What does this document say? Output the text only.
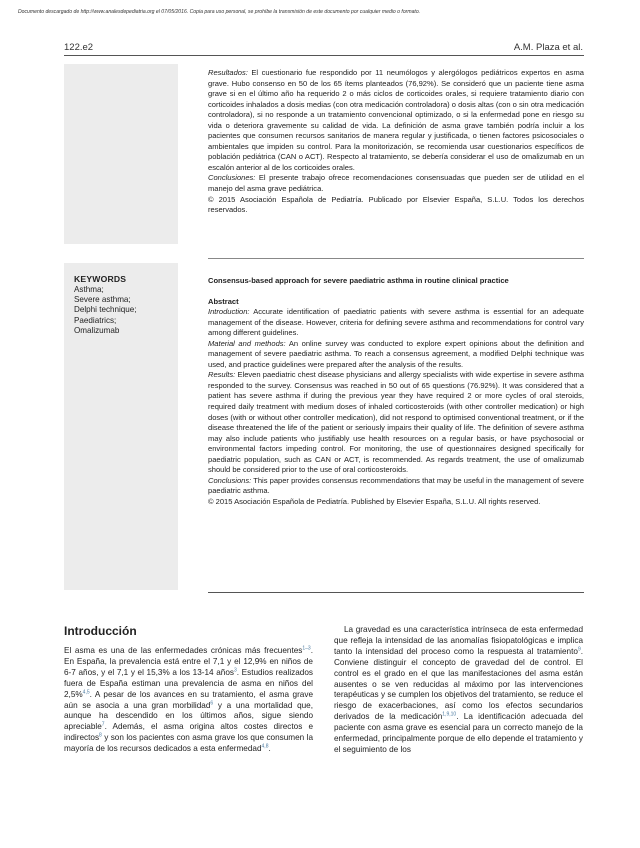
Documento descargado de http://www.analesdepediatria.org el 07/05/2016. Copia para uso personal, se prohíbe la transmisión de este documento por cualquier medio o formato.
122.e2	A.M. Plaza et al.

Resultados: El cuestionario fue respondido por 11 neumólogos y alergólogos pediátricos expertos en asma grave. Hubo consenso en 50 de los 65 ítems planteados (76,92%). Se consideró que un paciente tiene asma grave si en el último año ha requerido 2 o más ciclos de corticoides orales, si requiere tratamiento diario con corticoides inhalados a dosis medias (con otra medicación controladora) o dosis altas (con o sin otra medicación controladora), si no responde a un tratamiento convencional optimizado, o si la enfermedad pone en riesgo su vida o deteriora gravemente su calidad de vida. La definición de asma grave también podría incluir a los pacientes que consumen recursos sanitarios de manera regular y justificada, o tienen factores psicosociales o ambientales que impiden su control. Para la monitorización, se recomienda usar cuestionarios específicos de población pediátrica (CAN o ACT). Respecto al tratamiento, se debería considerar el uso de omalizumab en un escalón anterior al de los corticoides orales.

Conclusiones: El presente trabajo ofrece recomendaciones consensuadas que pueden ser de utilidad en el manejo del asma grave pediátrica.

© 2015 Asociación Española de Pediatría. Publicado por Elsevier España, S.L.U. Todos los derechos reservados.

KEYWORDS
Asthma;
Severe asthma;
Delphi technique;
Paediatrics;
Omalizumab
Consensus-based approach for severe paediatric asthma in routine clinical practice
Abstract

Introduction: Accurate identification of paediatric patients with severe asthma is essential for an adequate management of the disease. However, criteria for defining severe asthma and recommendations for control vary among different guidelines.

Material and methods: An online survey was conducted to explore expert opinions about the definition and management of severe paediatric asthma. To reach a consensus agreement, a modified Delphi technique was used, and practice guidelines were prepared after the analysis of the results.

Results: Eleven paediatric chest disease physicians and allergy specialists with wide expertise in severe asthma responded to the survey. Consensus was reached in 50 out of 65 questions (76.92%). It was considered that a patient has severe asthma if during the previous year they have required 2 or more cycles of oral steroids, required daily treatment with medium doses of inhaled corticosteroids (with other controller medication) or high doses (with or without other controller medication), did not respond to optimised conventional treatment, or if the disease threatened the life of the patient or seriously impairs their quality of life. The definition of severe asthma may also include patients who justifiably use health resources on a regular basis, or have psychosocial or environmental factors impeding control. For monitoring, the use of questionnaires designed specifically for paediatric population, such as CAN or ACT, is recommended. As regards treatment, the use of omalizumab should be considered prior to the use of oral corticosteroids.

Conclusions: This paper provides consensus recommendations that may be useful in the management of severe paediatric asthma.

© 2015 Asociación Española de Pediatría. Published by Elsevier España, S.L.U. All rights reserved.

Introducción
El asma es una de las enfermedades crónicas más frecuentes$^{1-3}$. En España, la prevalencia está entre el 7,1 y el 12,9% en niños de 6-7 años, y el 7,1 y el 15,3% a los 13-14 años$^3$. Estudios realizados fuera de España estiman una prevalencia de asma en niños del 2,5%$^{4,5}$. A pesar de los avances en su tratamiento, el asma grave aún se asocia a una gran morbilidad$^6$ y a una mortalidad que, aunque ha descendido en los últimos años, sigue siendo apreciable$^7$. Además, el asma origina altos costes directos e indirectos$^8$ y son los pacientes con asma grave los que consumen la mayoría de los recursos dedicados a esta enfermedad$^{4,8}$.

La gravedad es una característica intrínseca de esta enfermedad que refleja la intensidad de las anomalías fisiopatológicas e implica tanto la intensidad del proceso como la respuesta al tratamiento$^9$. Conviene distinguir el concepto de gravedad del de control. El control es el grado en el que las manifestaciones del asma están ausentes o se ven reducidas al máximo por las intervenciones terapéuticas y se cumplen los objetivos del tratamiento, se reduce el riesgo de exacerbaciones, así como los efectos secundarios derivados de la medicación$^{1,9,10}$. La identificación adecuada del paciente con asma grave es esencial para un correcto manejo de la enfermedad, principalmente porque de ello depende el tratamiento y el seguimiento de los
